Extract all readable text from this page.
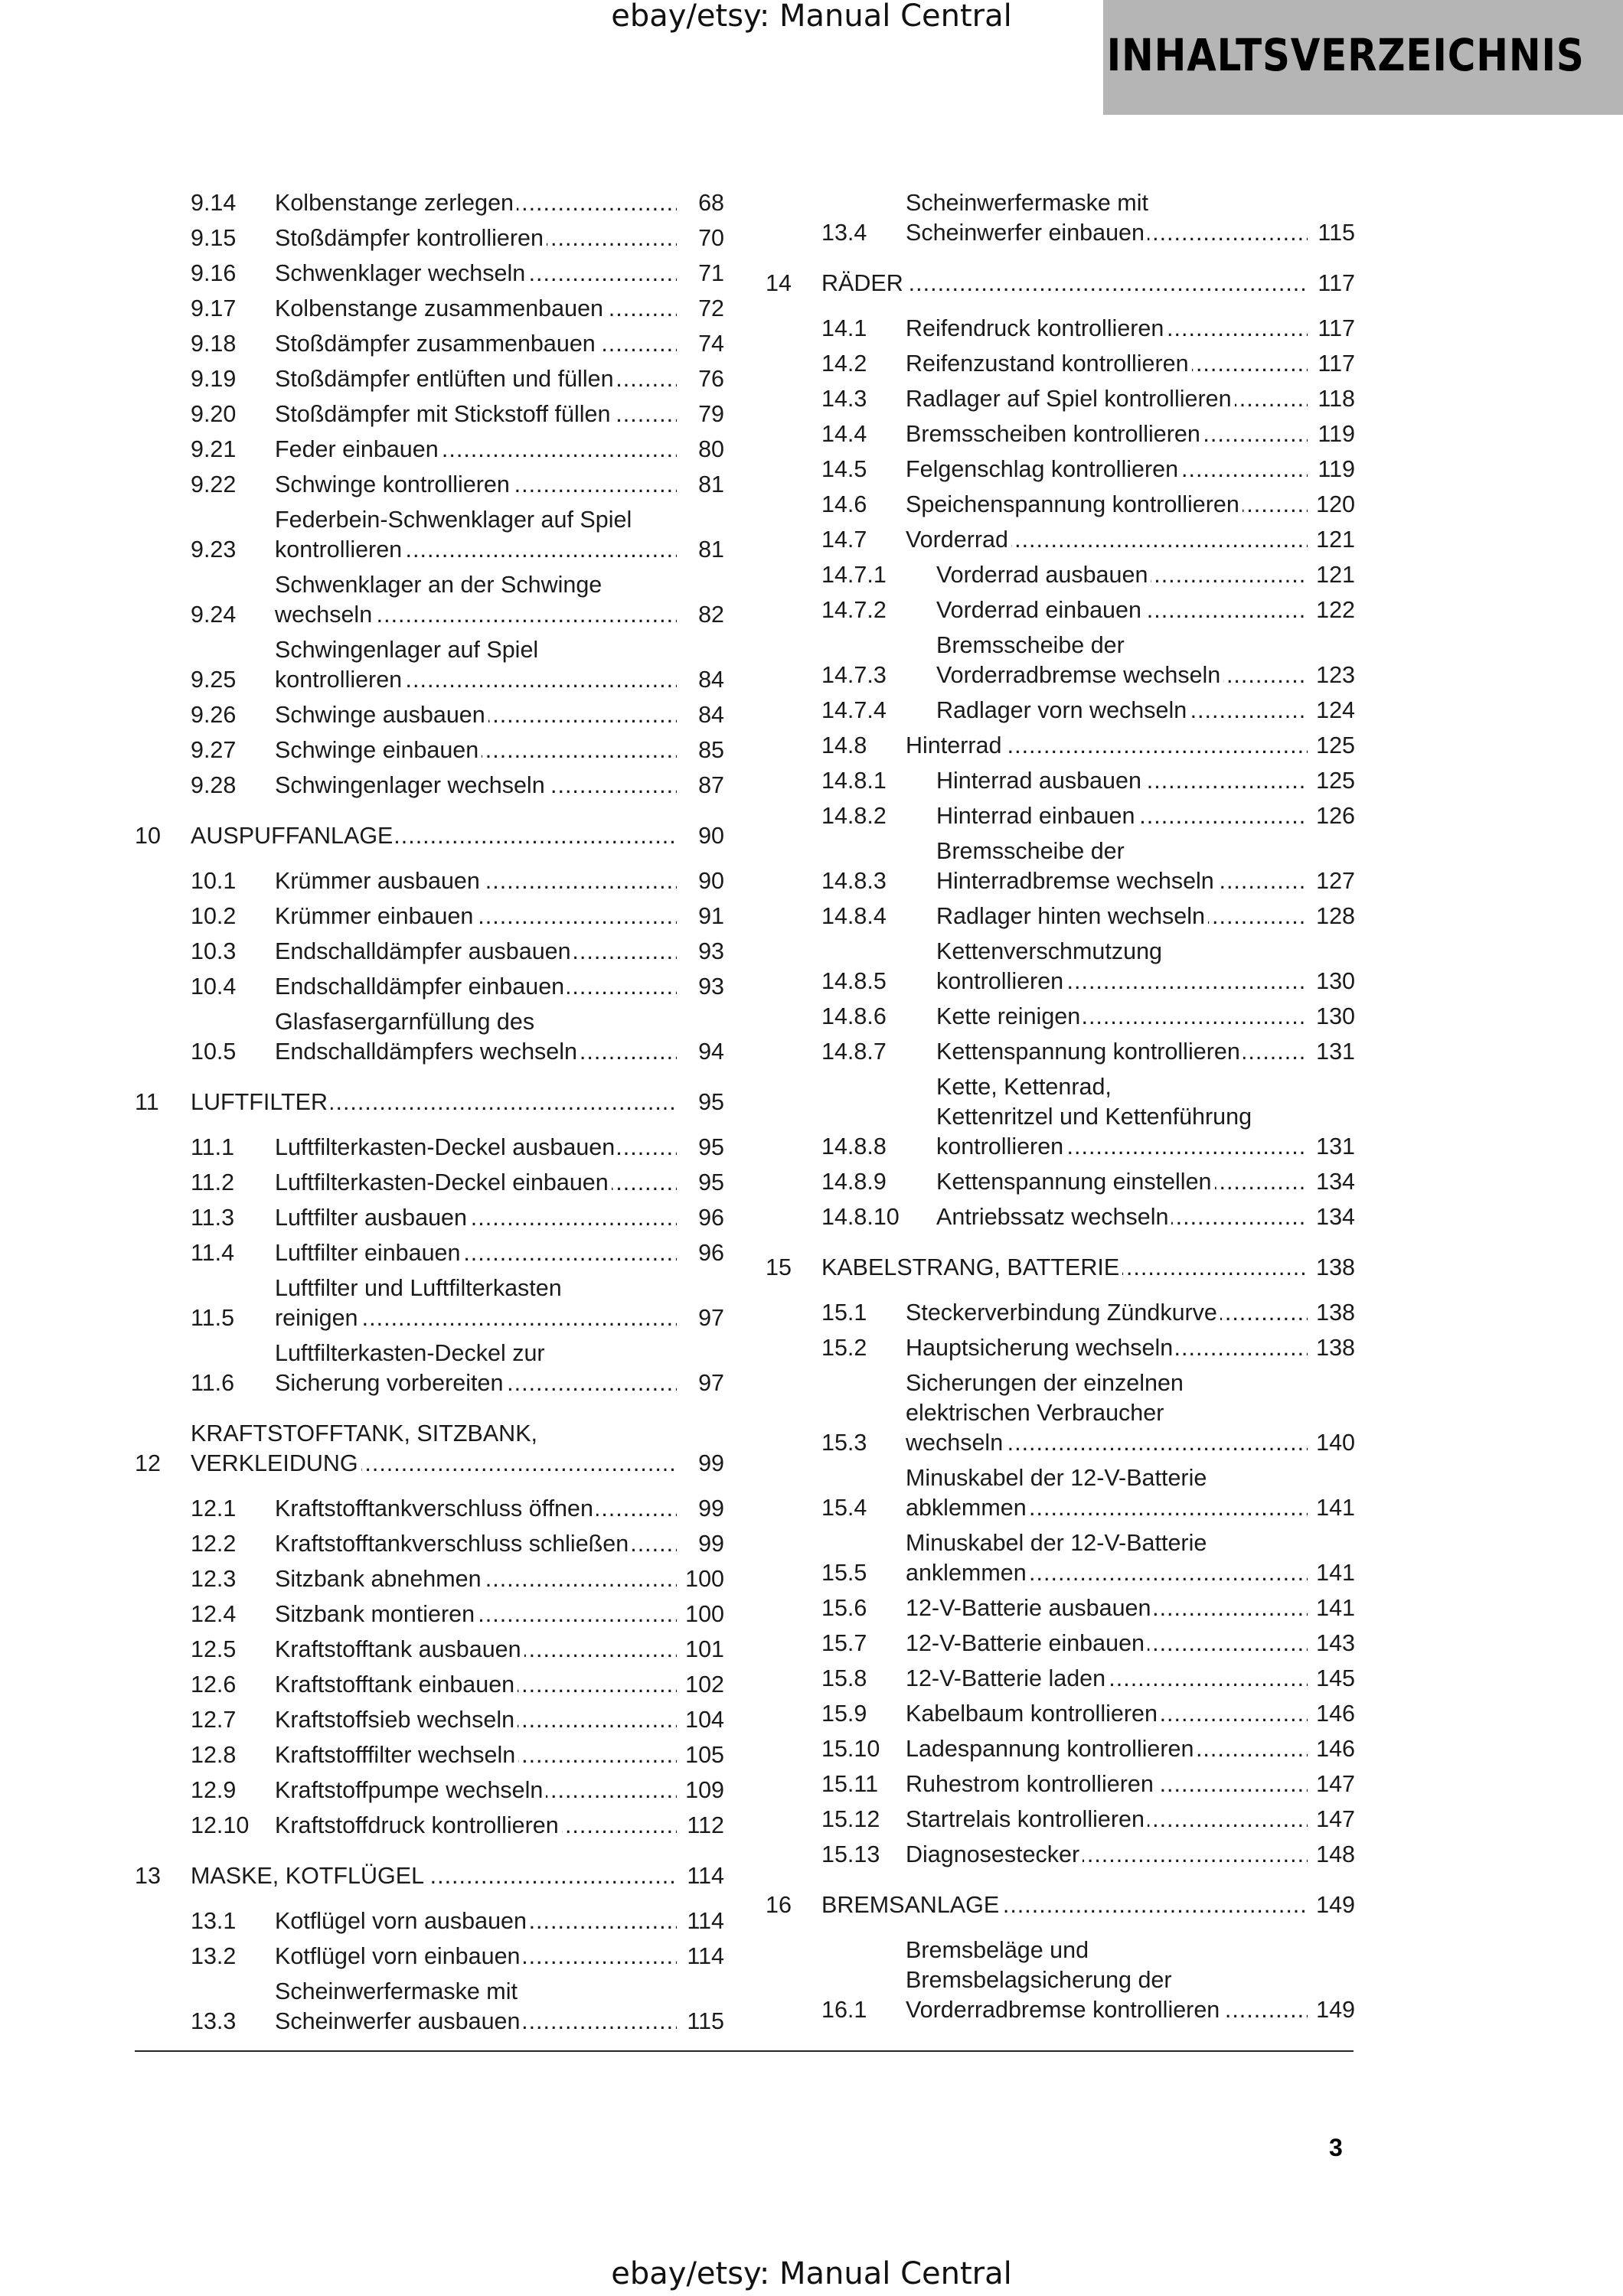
ebay/etsy: Manual Central
INHALTSVERZEICHNIS
9.14	Kolbenstange zerlegen .....	68
9.15	Stoßdämpfer kontrollieren .....	70
9.16	Schwenklager wechseln .....	71
9.17	Kolbenstange zusammenbauen .....	72
9.18	Stoßdämpfer zusammenbauen .....	74
9.19	Stoßdämpfer entlüften und füllen .....	76
9.20	Stoßdämpfer mit Stickstoff füllen .....	79
9.21	Feder einbauen .....	80
9.22	Schwinge kontrollieren .....	81
9.23
Federbein-Schwenklager auf Spiel
kontrollieren .....	81
9.24
Schwenklager an der Schwinge
wechseln .....	82
9.25
Schwingenlager auf Spiel
kontrollieren .....	84
9.26	Schwinge ausbauen .....	84
9.27	Schwinge einbauen .....	85
9.28	Schwingenlager wechseln .....	87
10	AUSPUFFANLAGE .....	90
10.1	Krümmer ausbauen .....	90
10.2	Krümmer einbauen .....	91
10.3	Endschalldämpfer ausbauen .....	93
10.4	Endschalldämpfer einbauen .....	93
10.5
Glasfasergarnfüllung des
Endschalldämpfers wechseln .....	94
11	LUFTFILTER .....	95
11.1	Luftfilterkasten-Deckel ausbauen .....	95
11.2	Luftfilterkasten-Deckel einbauen .....	95
11.3	Luftfilter ausbauen .....	96
11.4	Luftfilter einbauen .....	96
11.5
Luftfilter und Luftfilterkasten
reinigen .....	97
11.6
Luftfilterkasten-Deckel zur
Sicherung vorbereiten .....	97
12
KRAFTSTOFFTANK, SITZBANK,
VERKLEIDUNG .....	99
12.1	Kraftstofftankverschluss öffnen .....	99
12.2	Kraftstofftankverschluss schließen .....	99
12.3	Sitzbank abnehmen .....	100
12.4	Sitzbank montieren .....	100
12.5	Kraftstofftank ausbauen .....	101
12.6	Kraftstofftank einbauen .....	102
12.7	Kraftstoffsieb wechseln .....	104
12.8	Kraftstofffilter wechseln .....	105
12.9	Kraftstoffpumpe wechseln .....	109
12.10	Kraftstoffdruck kontrollieren .....	112
13	MASKE, KOTFLÜGEL .....	114
13.1	Kotflügel vorn ausbauen .....	114
13.2	Kotflügel vorn einbauen .....	114
13.3
Scheinwerfermaske mit
Scheinwerfer ausbauen .....	115
13.4
Scheinwerfermaske mit
Scheinwerfer einbauen .....	115
14	RÄDER .....	117
14.1	Reifendruck kontrollieren .....	117
14.2	Reifenzustand kontrollieren .....	117
14.3	Radlager auf Spiel kontrollieren .....	118
14.4	Bremsscheiben kontrollieren .....	119
14.5	Felgenschlag kontrollieren .....	119
14.6	Speichenspannung kontrollieren .....	120
14.7	Vorderrad .....	121
14.7.1	Vorderrad ausbauen .....	121
14.7.2	Vorderrad einbauen .....	122
14.7.3
Bremsscheibe der
Vorderradbremse wechseln .....	123
14.7.4	Radlager vorn wechseln .....	124
14.8	Hinterrad .....	125
14.8.1	Hinterrad ausbauen .....	125
14.8.2	Hinterrad einbauen .....	126
14.8.3
Bremsscheibe der
Hinterradbremse wechseln .....	127
14.8.4	Radlager hinten wechseln .....	128
14.8.5
Kettenverschmutzung
kontrollieren .....	130
14.8.6	Kette reinigen .....	130
14.8.7	Kettenspannung kontrollieren .....	131
14.8.8
Kette, Kettenrad,
Kettenritzel und Kettenführung
kontrollieren .....	131
14.8.9	Kettenspannung einstellen .....	134
14.8.10	Antriebssatz wechseln .....	134
15	KABELSTRANG, BATTERIE .....	138
15.1	Steckerverbindung Zündkurve .....	138
15.2	Hauptsicherung wechseln .....	138
15.3
Sicherungen der einzelnen
elektrischen Verbraucher
wechseln .....	140
15.4
Minuskabel der 12-V-Batterie
abklemmen .....	141
15.5
Minuskabel der 12-V-Batterie
anklemmen .....	141
15.6	12-V-Batterie ausbauen .....	141
15.7	12-V-Batterie einbauen .....	143
15.8	12-V-Batterie laden .....	145
15.9	Kabelbaum kontrollieren .....	146
15.10	Ladespannung kontrollieren .....	146
15.11	Ruhestrom kontrollieren .....	147
15.12	Startrelais kontrollieren .....	147
15.13	Diagnosestecker .....	148
16	BREMSANLAGE .....	149
16.1
Bremsbeläge und
Bremsbelagsicherung der
Vorderradbremse kontrollieren .....	149
3
ebay/etsy: Manual Central
